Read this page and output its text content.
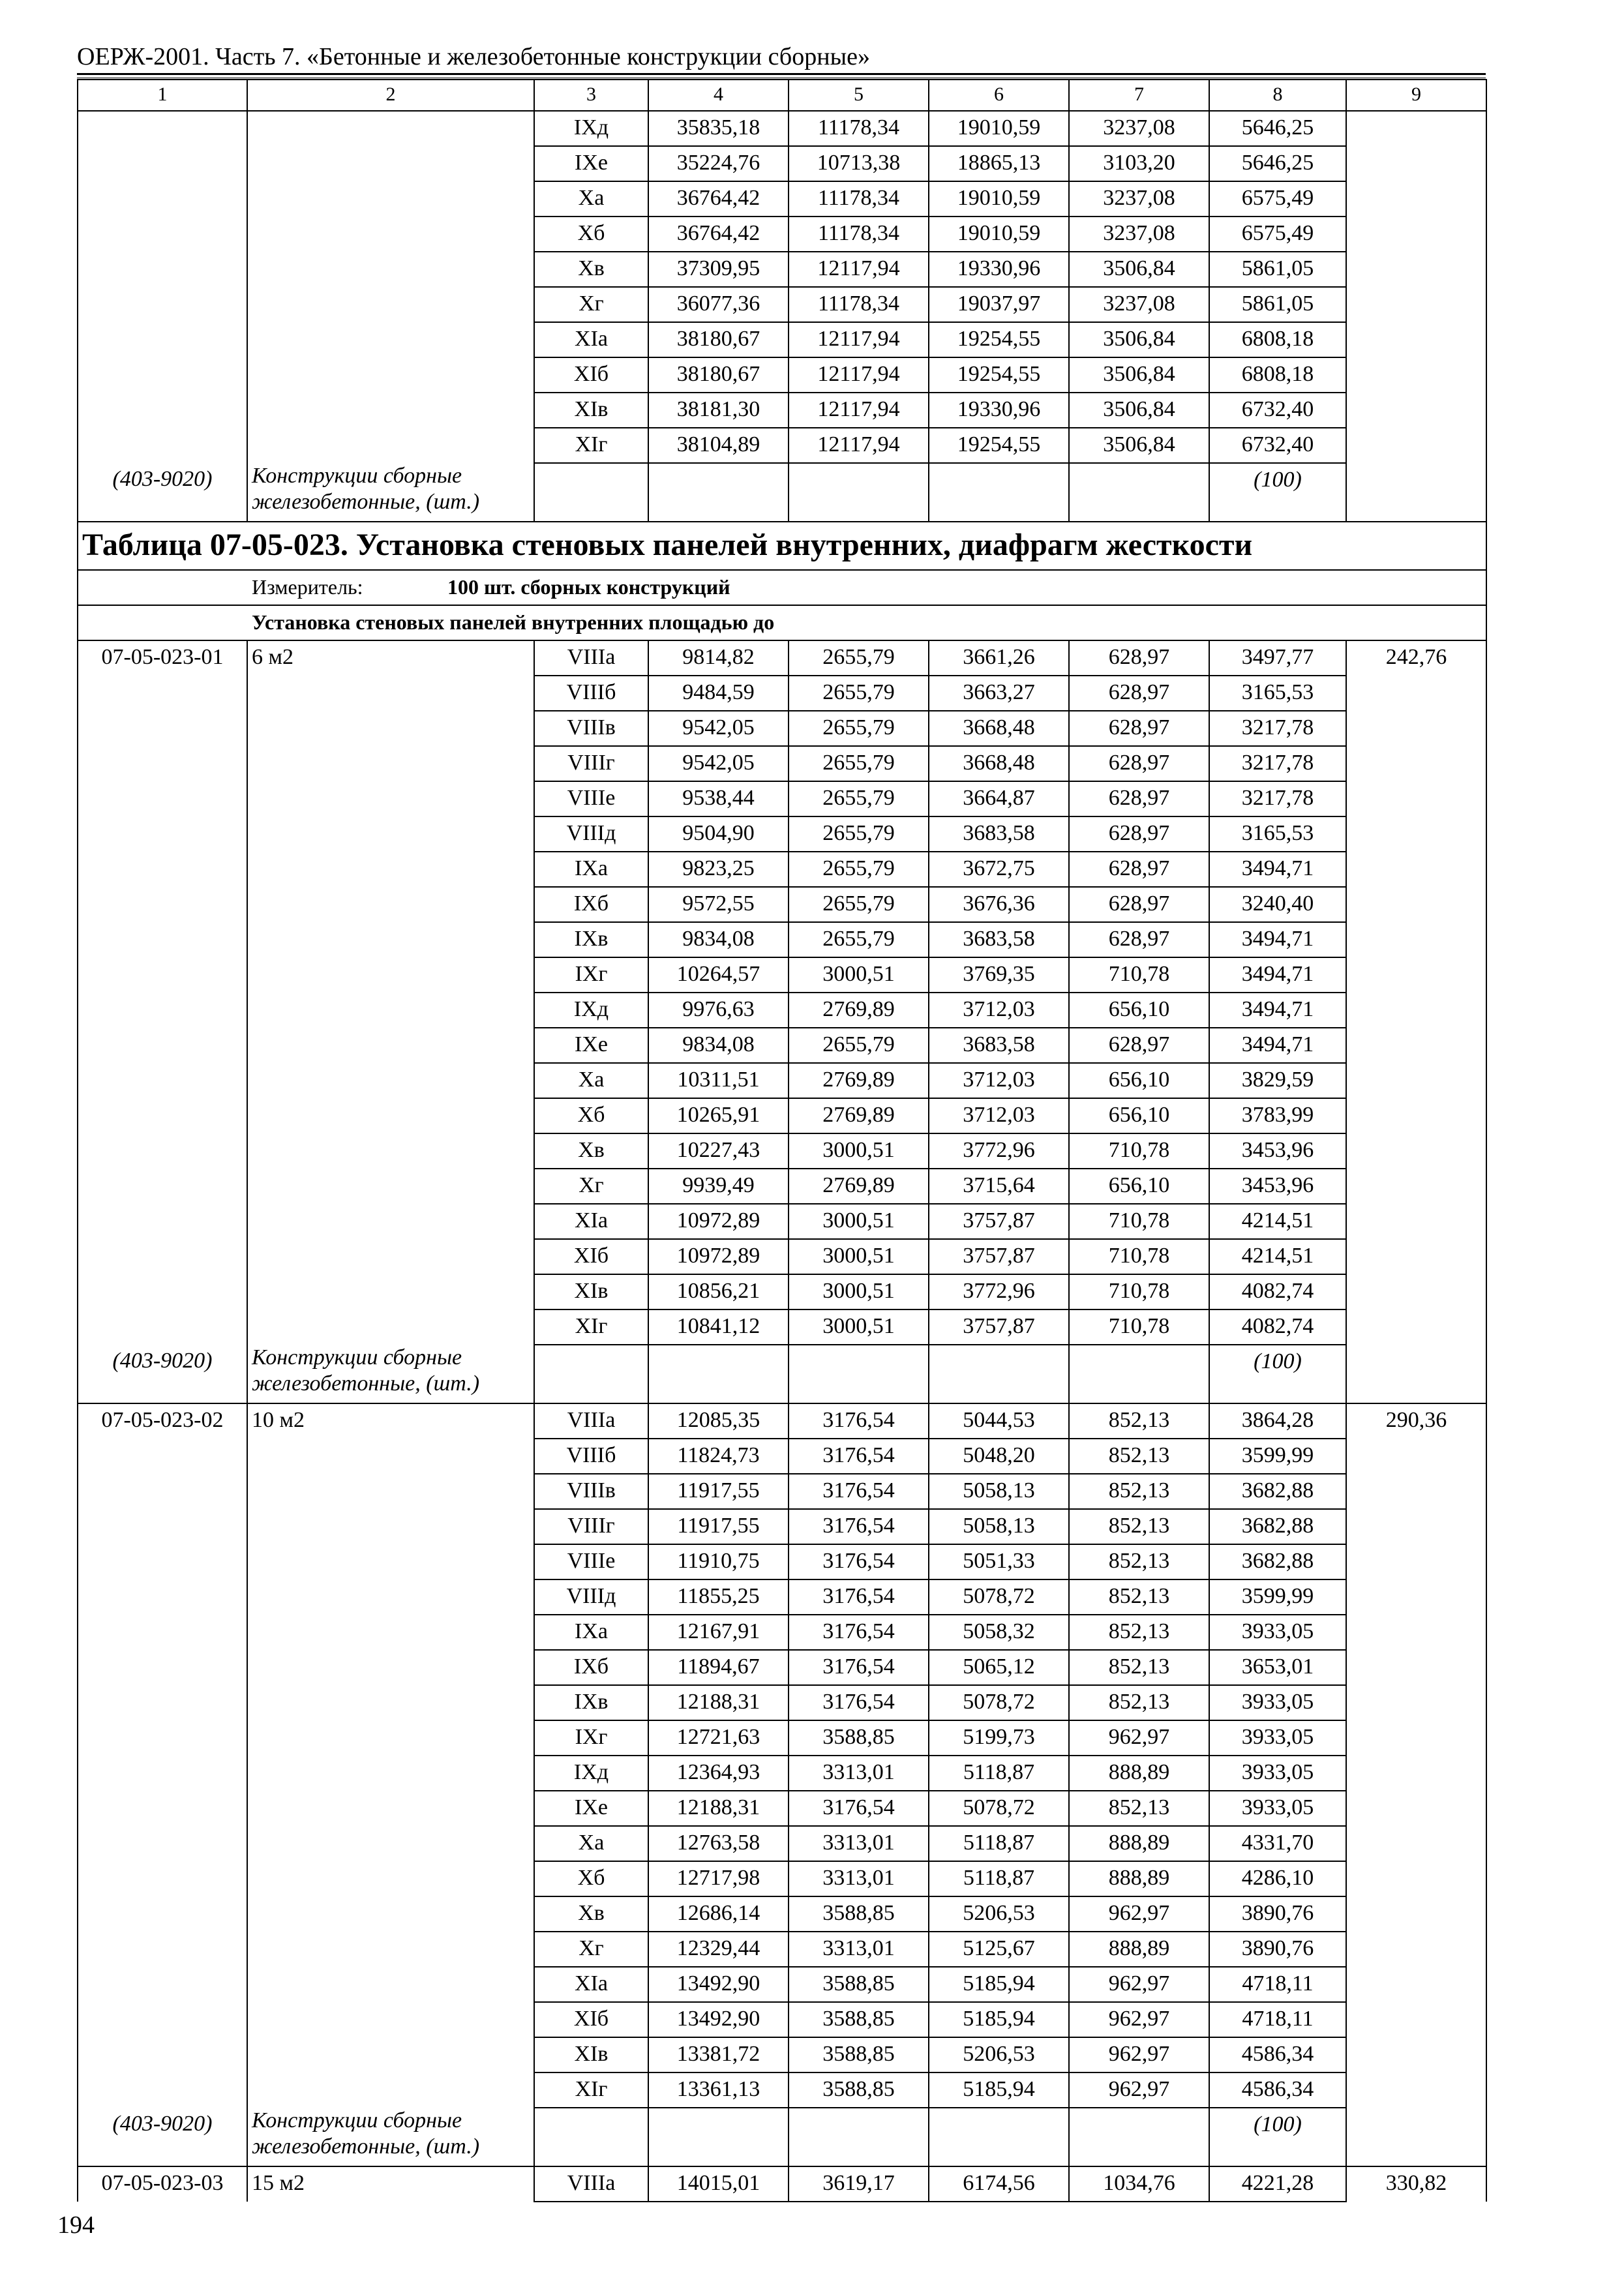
ОЕРЖ-2001. Часть 7. «Бетонные и железобетонные конструкции сборные»
1	2	3	4	5	6	7	8	9
		IXд	35835,18	11178,34	19010,59	3237,08	5646,25	
		IXе	35224,76	10713,38	18865,13	3103,20	5646,25	
		Xа	36764,42	11178,34	19010,59	3237,08	6575,49	
		Xб	36764,42	11178,34	19010,59	3237,08	6575,49	
		Xв	37309,95	12117,94	19330,96	3506,84	5861,05	
		Xг	36077,36	11178,34	19037,97	3237,08	5861,05	
		XIа	38180,67	12117,94	19254,55	3506,84	6808,18	
		XIб	38180,67	12117,94	19254,55	3506,84	6808,18	
		XIв	38181,30	12117,94	19330,96	3506,84	6732,40	
		XIг	38104,89	12117,94	19254,55	3506,84	6732,40	
(403-9020)	Конструкции сборные железобетонные, (шт.)						(100)	
Таблица 07-05-023. Установка стеновых панелей внутренних, диафрагм жесткости								
Измеритель: 100 шт. сборных конструкций								
Установка стеновых панелей внутренних площадью до								
07-05-023-01	6 м2	VIIIа	9814,82	2655,79	3661,26	628,97	3497,77	242,76
		VIIIб	9484,59	2655,79	3663,27	628,97	3165,53	
		VIIIв	9542,05	2655,79	3668,48	628,97	3217,78	
		VIIIг	9542,05	2655,79	3668,48	628,97	3217,78	
		VIIIе	9538,44	2655,79	3664,87	628,97	3217,78	
		VIIIд	9504,90	2655,79	3683,58	628,97	3165,53	
		IXа	9823,25	2655,79	3672,75	628,97	3494,71	
		IXб	9572,55	2655,79	3676,36	628,97	3240,40	
		IXв	9834,08	2655,79	3683,58	628,97	3494,71	
		IXг	10264,57	3000,51	3769,35	710,78	3494,71	
		IXд	9976,63	2769,89	3712,03	656,10	3494,71	
		IXе	9834,08	2655,79	3683,58	628,97	3494,71	
		Xа	10311,51	2769,89	3712,03	656,10	3829,59	
		Xб	10265,91	2769,89	3712,03	656,10	3783,99	
		Xв	10227,43	3000,51	3772,96	710,78	3453,96	
		Xг	9939,49	2769,89	3715,64	656,10	3453,96	
		XIа	10972,89	3000,51	3757,87	710,78	4214,51	
		XIб	10972,89	3000,51	3757,87	710,78	4214,51	
		XIв	10856,21	3000,51	3772,96	710,78	4082,74	
		XIг	10841,12	3000,51	3757,87	710,78	4082,74	
(403-9020)	Конструкции сборные железобетонные, (шт.)						(100)	
07-05-023-02	10 м2	VIIIа	12085,35	3176,54	5044,53	852,13	3864,28	290,36
		VIIIб	11824,73	3176,54	5048,20	852,13	3599,99	
		VIIIв	11917,55	3176,54	5058,13	852,13	3682,88	
		VIIIг	11917,55	3176,54	5058,13	852,13	3682,88	
		VIIIе	11910,75	3176,54	5051,33	852,13	3682,88	
		VIIIд	11855,25	3176,54	5078,72	852,13	3599,99	
		IXа	12167,91	3176,54	5058,32	852,13	3933,05	
		IXб	11894,67	3176,54	5065,12	852,13	3653,01	
		IXв	12188,31	3176,54	5078,72	852,13	3933,05	
		IXг	12721,63	3588,85	5199,73	962,97	3933,05	
		IXд	12364,93	3313,01	5118,87	888,89	3933,05	
		IXе	12188,31	3176,54	5078,72	852,13	3933,05	
		Xа	12763,58	3313,01	5118,87	888,89	4331,70	
		Xб	12717,98	3313,01	5118,87	888,89	4286,10	
		Xв	12686,14	3588,85	5206,53	962,97	3890,76	
		Xг	12329,44	3313,01	5125,67	888,89	3890,76	
		XIа	13492,90	3588,85	5185,94	962,97	4718,11	
		XIб	13492,90	3588,85	5185,94	962,97	4718,11	
		XIв	13381,72	3588,85	5206,53	962,97	4586,34	
		XIг	13361,13	3588,85	5185,94	962,97	4586,34	
(403-9020)	Конструкции сборные железобетонные, (шт.)						(100)	
07-05-023-03	15 м2	VIIIа	14015,01	3619,17	6174,56	1034,76	4221,28	330,82
194
